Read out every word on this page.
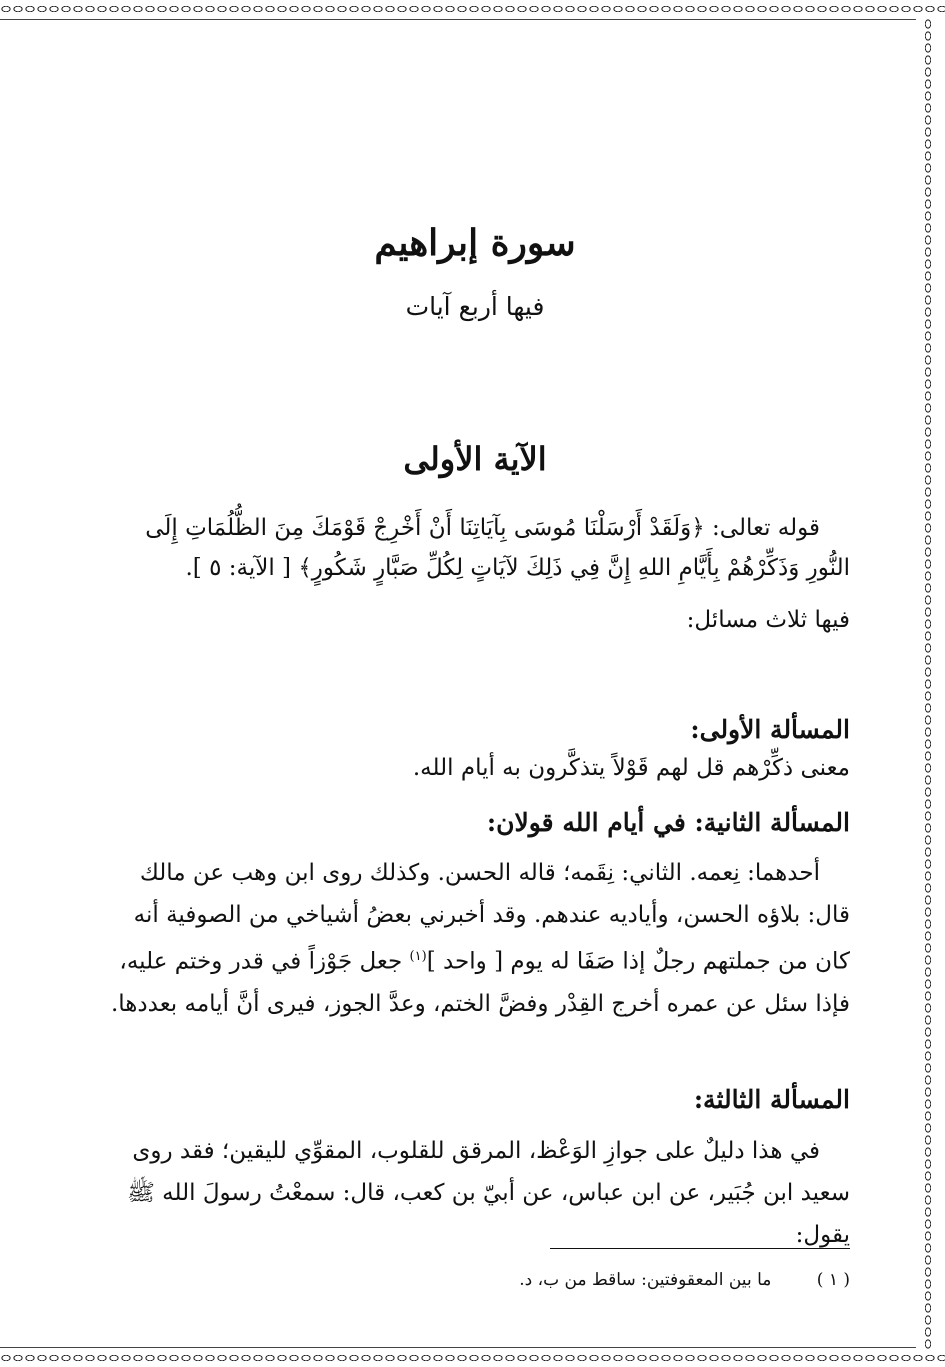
سورة إبراهيم

فيها أربع آيات

الآية الأولى

قوله تعالى: ﴿وَلَقَدْ أَرْسَلْنَا مُوسَى بِآيَاتِنَا أَنْ أَخْرِجْ قَوْمَكَ مِنَ الظُّلُمَاتِ إِلَى النُّورِ وَذَكِّرْهُمْ بِأَيَّامِ اللهِ إِنَّ فِي ذَلِكَ لآيَاتٍ لِكُلِّ صَبَّارٍ شَكُورٍ﴾ [ الآية: ٥ ].

فيها ثلاث مسائل:

المسألة الأولى:

معنى ذكِّرْهم قل لهم قَوْلاً يتذكَّرون به أيام الله.

المسألة الثانية: في أيام الله قولان:

أحدهما: نِعمه. الثاني: نِقَمه؛ قاله الحسن. وكذلك روى ابن وهب عن مالك قال: بلاؤه الحسن، وأياديه عندهم. وقد أخبرني بعضُ أشياخي من الصوفية أنه كان من جملتهم رجلٌ إذا صَفَا له يوم [ واحد ]$^{(١)}$ جعل جَوْزاً في قدر وختم عليه، فإذا سئل عن عمره أخرج القِدْر وفضَّ الختم، وعدَّ الجوز، فيرى أنَّ أيامه بعددها.

المسألة الثالثة:

في هذا دليلٌ على جوازِ الوَعْظ، المرقق للقلوب، المقوِّي لليقين؛ فقد روى سعيد ابن جُبَير، عن ابن عباس، عن أبيّ بن كعب، قال: سمعْتُ رسولَ الله ﷺ يقول:

( ١ ) ما بين المعقوفتين: ساقط من ب، د.
